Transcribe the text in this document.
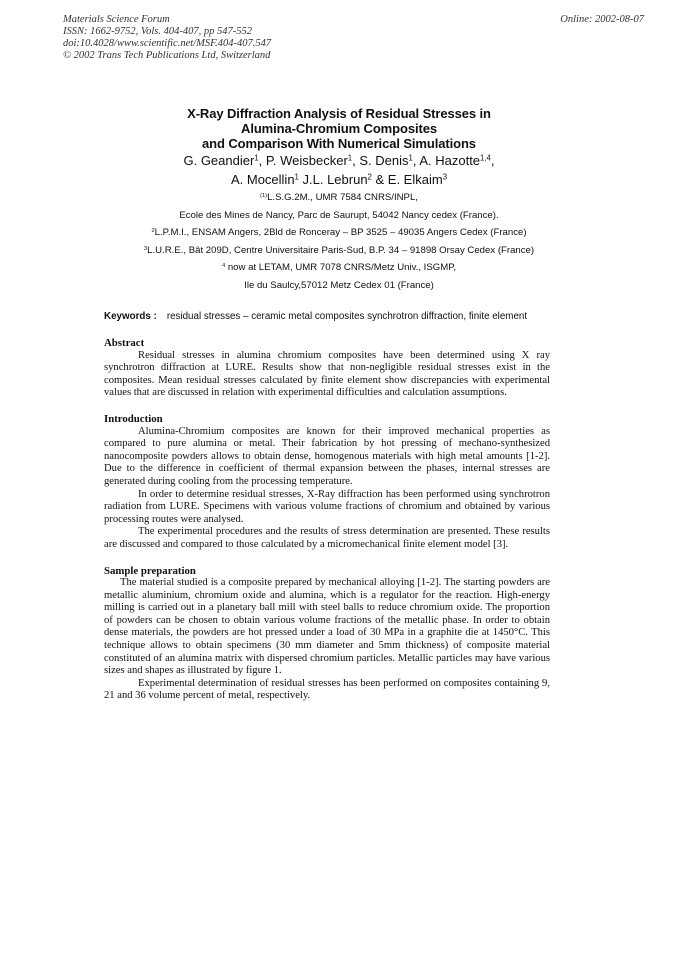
Materials Science Forum
ISSN: 1662-9752, Vols. 404-407, pp 547-552
doi:10.4028/www.scientific.net/MSF.404-407.547
© 2002 Trans Tech Publications Ltd, Switzerland
Online: 2002-08-07
X-Ray Diffraction Analysis of Residual Stresses in
Alumina-Chromium Composites
and Comparison With Numerical Simulations
G. Geandier$^1$, P. Weisbecker$^1$, S. Denis$^1$, A. Hazotte$^{1,4}$,
A. Mocellin$^1$ J.L. Lebrun$^2$ & E. Elkaim$^3$
$^{(1)}$L.S.G.2M., UMR 7584 CNRS/INPL,
Ecole des Mines de Nancy, Parc de Saurupt, 54042 Nancy cedex (France).
$^2$L.P.M.I., ENSAM Angers, 2Bld de Ronceray – BP 3525 – 49035 Angers Cedex (France)
$^3$L.U.R.E., Bât 209D, Centre Universitaire Paris-Sud, B.P. 34 – 91898 Orsay Cedex (France)
$^4$ now at LETAM, UMR 7078 CNRS/Metz Univ., ISGMP,
Ile du Saulcy,57012 Metz Cedex 01 (France)
Keywords : residual stresses – ceramic metal composites synchrotron diffraction, finite element
Abstract

Residual stresses in alumina chromium composites have been determined using X ray synchrotron diffraction at LURE. Results show that non-negligible residual stresses exist in the composites. Mean residual stresses calculated by finite element show discrepancies with experimental values that are discussed in relation with experimental difficulties and calculation assumptions.

Introduction

Alumina-Chromium composites are known for their improved mechanical properties as compared to pure alumina or metal. Their fabrication by hot pressing of mechano-synthesized nanocomposite powders allows to obtain dense, homogenous materials with high metal amounts [1-2]. Due to the difference in coefficient of thermal expansion between the phases, internal stresses are generated during cooling from the processing temperature.

In order to determine residual stresses, X-Ray diffraction has been performed using synchrotron radiation from LURE. Specimens with various volume fractions of chromium and obtained by various processing routes were analysed.

The experimental procedures and the results of stress determination are presented. These results are discussed and compared to those calculated by a micromechanical finite element model [3].

Sample preparation

The material studied is a composite prepared by mechanical alloying [1-2]. The starting powders are metallic aluminium, chromium oxide and alumina, which is a regulator for the reaction. High-energy milling is carried out in a planetary ball mill with steel balls to reduce chromium oxide. The proportion of powders can be chosen to obtain various volume fractions of the metallic phase. In order to obtain dense materials, the powders are hot pressed under a load of 30 MPa in a graphite die at 1450°C. This technique allows to obtain specimens (30 mm diameter and 5mm thickness) of composite material constituted of an alumina matrix with dispersed chromium particles. Metallic particles may have various sizes and shapes as illustrated by figure 1.

Experimental determination of residual stresses has been performed on composites containing 9, 21 and 36 volume percent of metal, respectively.
